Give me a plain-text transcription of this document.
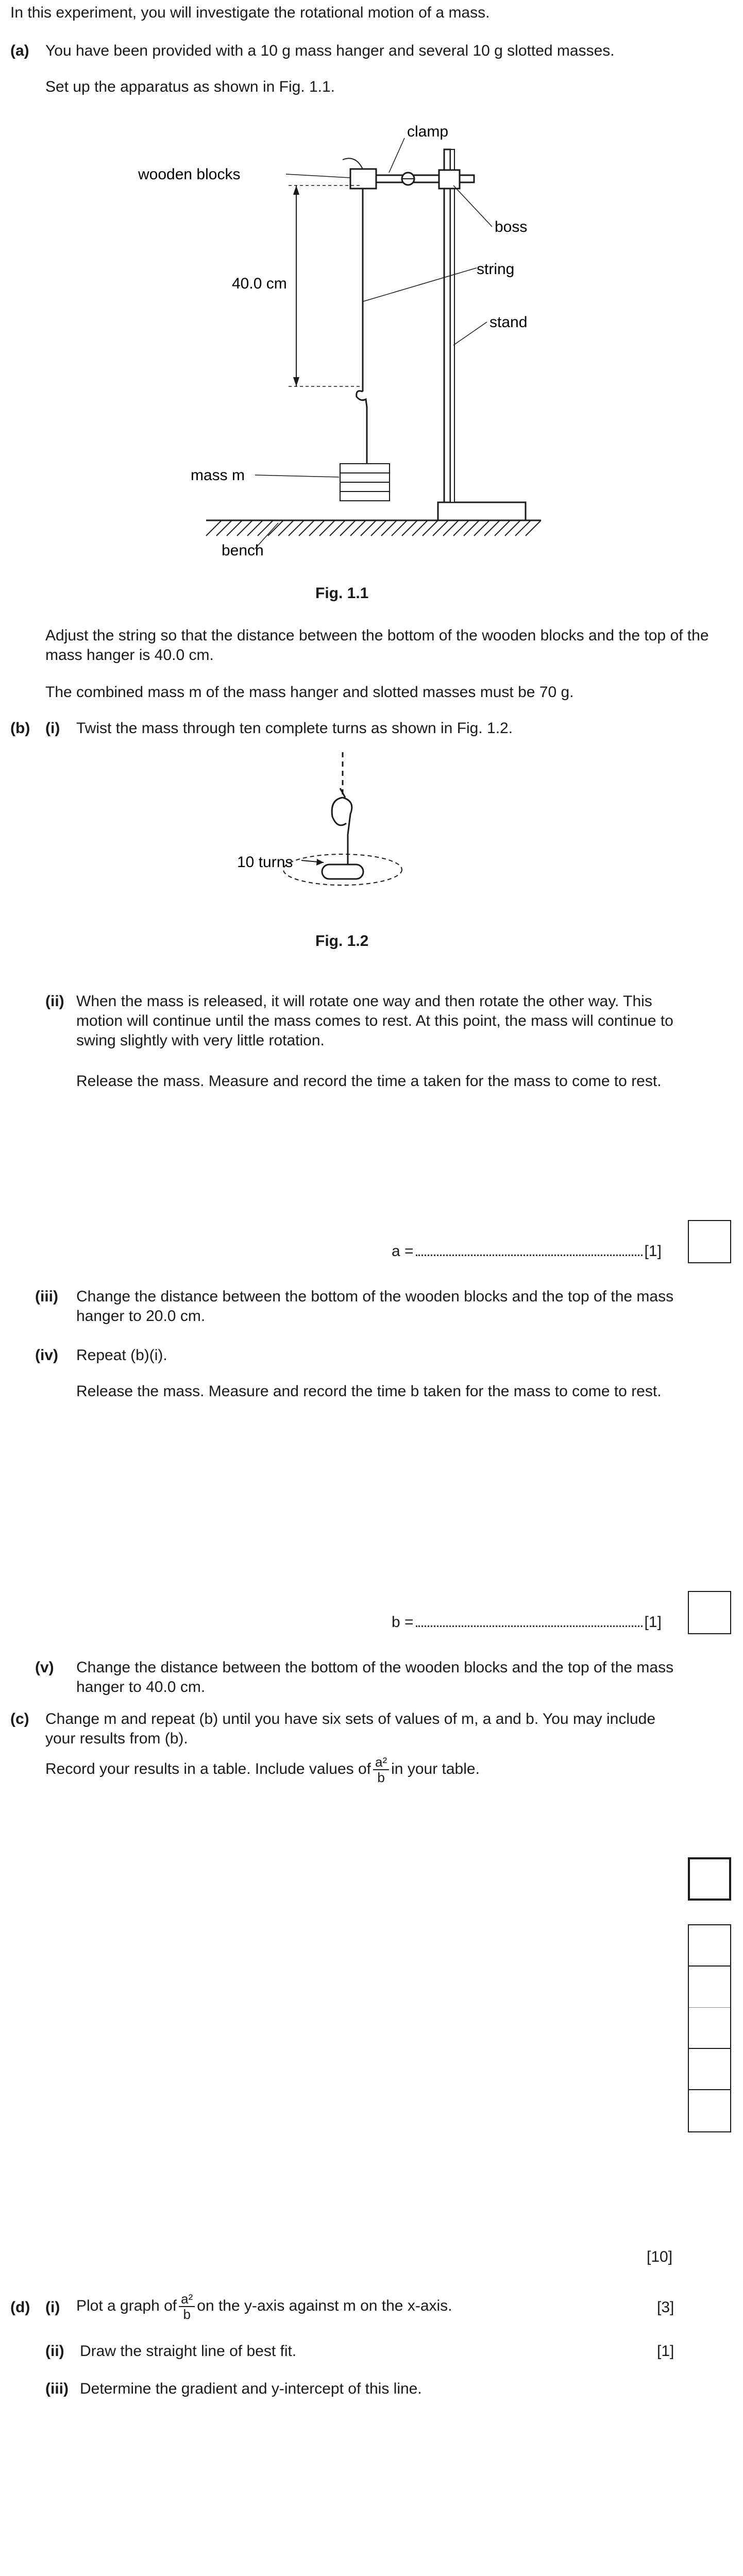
In this experiment, you will investigate the rotational motion of a mass.
(a) You have been provided with a 10 g mass hanger and several 10 g slotted masses.
Set up the apparatus as shown in Fig. 1.1.
clamp
wooden blocks
boss
40.0 cm
string
stand
mass m
bench
Fig. 1.1
Adjust the string so that the distance between the bottom of the wooden blocks and the top of the mass hanger is 40.0 cm.
The combined mass m of the mass hanger and slotted masses must be 70 g.
(b) (i) Twist the mass through ten complete turns as shown in Fig. 1.2.
10 turns
Fig. 1.2
(ii) When the mass is released, it will rotate one way and then rotate the other way. This motion will continue until the mass comes to rest. At this point, the mass will continue to swing slightly with very little rotation.
Release the mass. Measure and record the time a taken for the mass to come to rest.
a =	[1]
(iii) Change the distance between the bottom of the wooden blocks and the top of the mass hanger to 20.0 cm.
(iv) Repeat (b)(i).
Release the mass. Measure and record the time b taken for the mass to come to rest.
b =	[1]
(v) Change the distance between the bottom of the wooden blocks and the top of the mass hanger to 40.0 cm.
(c) Change m and repeat (b) until you have six sets of values of m, a and b. You may include your results from (b).
Record your results in a table. Include values of $\frac{\text{a²}}{b}$ in your table.
[10]
(d) (i) Plot a graph of $\frac{\text{a²}}{b}$ on the y-axis against m on the x-axis.	[3]
(ii) Draw the straight line of best fit.	[1]
(iii) Determine the gradient and y-intercept of this line.
